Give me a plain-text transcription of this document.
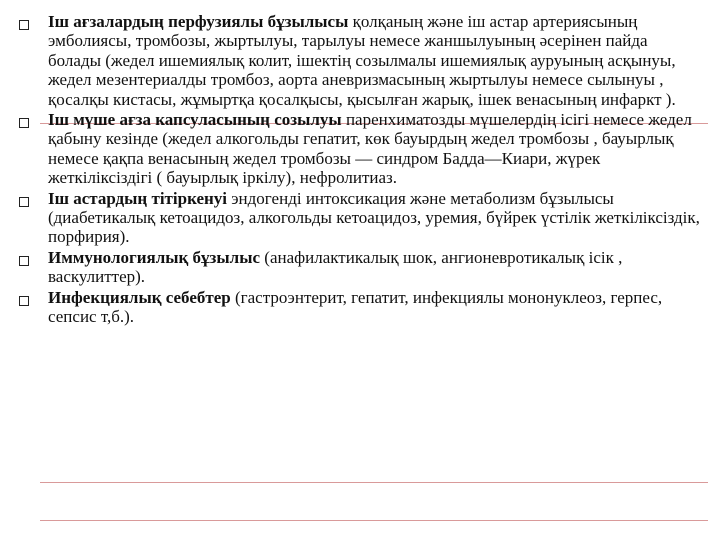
Іш ағзалардың перфузиялы бұзылысы қолқаның және іш астар артериясының эмболиясы, тромбозы, жыртылуы, тарылуы немесе жаншылуының әсерінен пайда болады (жедел ишемиялық колит, ішектің созылмалы ишемиялық ауруының асқынуы, жедел мезентериалды тромбоз, аорта аневризмасының жыртылуы немесе сылынуы , қосалқы кистасы, жұмыртқа қосалқысы, қысылған жарық, ішек венасының инфаркт ).
Іш мүше ағза капсуласының созылуы паренхиматозды мүшелердің ісігі немесе жедел қабыну кезінде (жедел алкогольды гепатит, көк бауырдың жедел тромбозы , бауырлық немесе қақпа венасының жедел тромбозы — синдром Бадда—Киари, жүрек жеткіліксіздігі ( бауырлық іркілу), нефролитиаз.
Іш астардың тітіркенуі эндогенді интоксикация және метаболизм бұзылысы (диабетикалық кетоацидоз, алкогольды кетоацидоз, уремия, бүйрек үстілік жеткіліксіздік, порфирия).
Иммунологиялық бұзылыс (анафилактикалық шок, ангионевротикалық ісік , васкулиттер).
Инфекциялық себебтер (гастроэнтерит, гепатит, инфекциялы мононуклеоз, герпес, сепсис т,б.).
